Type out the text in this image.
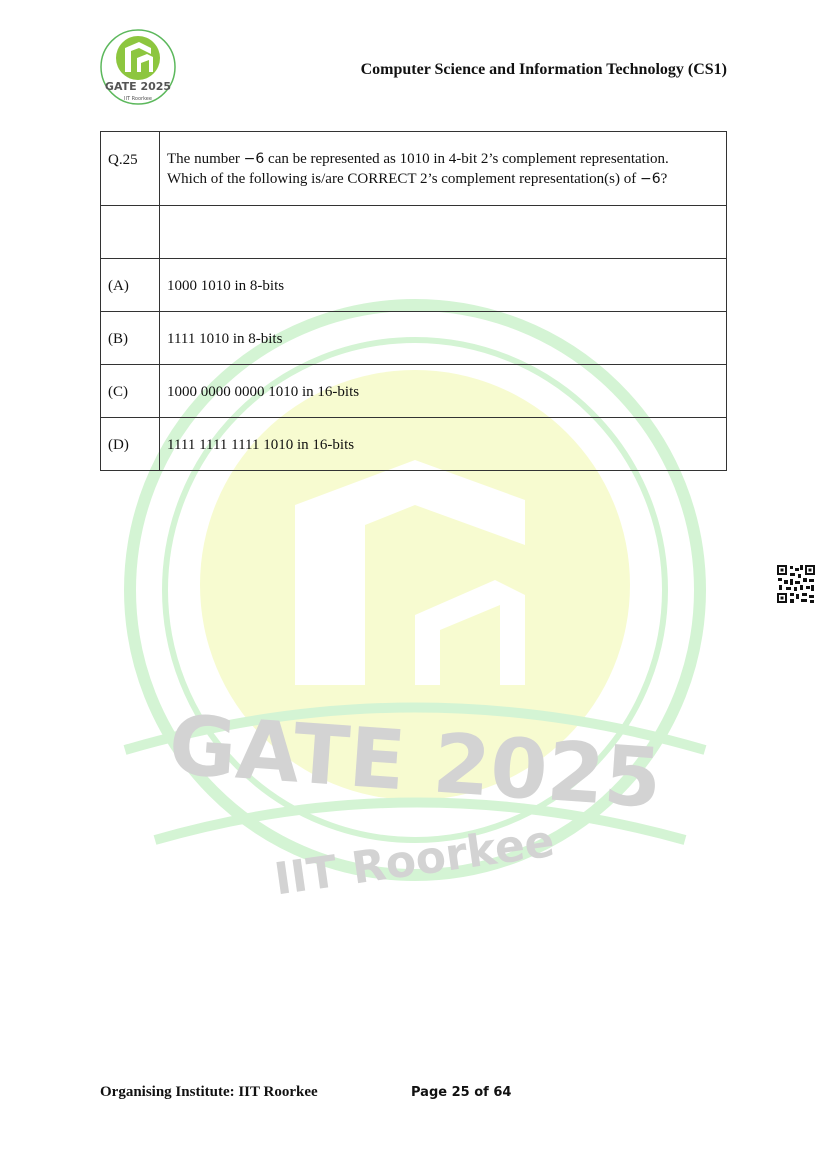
GATE 2025
IIT Roorkee
Computer Science and Information Technology (CS1)
GATE 2025
IIT Roorkee
Q.25	The number −6 can be represented as 1010 in 4-bit 2’s complement representation.
Which of the following is/are CORRECT 2’s complement representation(s) of −6?

(A)	1000 1010 in 8-bits

(B)	1111 1010 in 8-bits

(C)	1000 0000 0000 1010 in 16-bits

(D)	1111 1111 1111 1010 in 16-bits
Organising Institute: IIT Roorkee	Page 25 of 64
